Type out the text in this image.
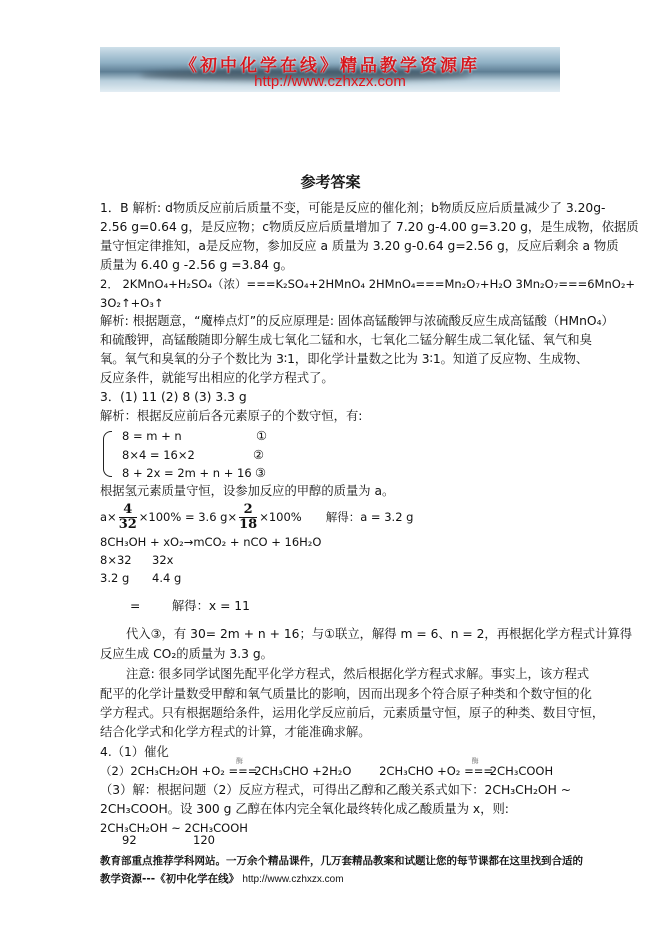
《初中化学在线》精品教学资源库
http://www.czhxzx.com
参考答案
1．B 解析: d物质反应前后质量不变，可能是反应的催化剂；b物质反应后质量减少了 3.20g-
2.56 g=0.64 g，是反应物；c物质反应后质量增加了 7.20 g-4.00 g=3.20 g，是生成物，依据质
量守恒定律推知，a是反应物，参加反应 a 质量为 3.20 g-0.64 g=2.56 g，反应后剩余 a 物质
质量为 6.40 g -2.56 g =3.84 g。
2． 2KMnO₄+H₂SO₄（浓）===K₂SO₄+2HMnO₄ 2HMnO₄===Mn₂O₇+H₂O 3Mn₂O₇===6MnO₂+
3O₂↑+O₃↑
解析: 根据题意，“魔棒点灯”的反应原理是: 固体高锰酸钾与浓硫酸反应生成高锰酸（HMnO₄）
和硫酸钾，高锰酸随即分解生成七氧化二锰和水，七氧化二锰分解生成二氧化锰、氧气和臭
氧。氧气和臭氧的分子个数比为 3∶1，即化学计量数之比为 3∶1。知道了反应物、生成物、
反应条件，就能写出相应的化学方程式了。
3．(1) 11 (2) 8 (3) 3.3 g
解析：根据反应前后各元素原子的个数守恒，有:
8 = m + n	①
8×4 = 16×2	②
8 + 2x = 2m + n + 16 ③
根据氢元素质量守恒，设参加反应的甲醇的质量为 a。
$a\times \frac{4}{32} \times 100\% = 3.6$ $g\times \frac{2}{18} \times 100\%$ 解得：a = 3.2 g
8CH₃OH + xO₂→mCO₂ + nCO + 16H₂O
8×32 32x
3.2 g 4.4 g
=	解得：x = 11
代入③，有 30= 2m + n + 16；与①联立，解得 m = 6、n = 2，再根据化学方程式计算得
反应生成 CO₂的质量为 3.3 g。
注意: 很多同学试图先配平化学方程式，然后根据化学方程式求解。事实上，该方程式
配平的化学计量数受甲醇和氧气质量比的影响，因而出现多个符合原子种类和个数守恒的化
学方程式。只有根据题给条件，运用化学反应前后，元素质量守恒，原子的种类、数目守恒，
结合化学式和化学方程式的计算，才能准确求解。
4.（1）催化
（2）2CH₃CH₂OH +O₂
酶
=== 2CH₃CHO +2H₂O 2CH₃CHO +O₂
酶
=== 2CH₃COOH
（3）解：根据问题（2）反应方程式，可得出乙醇和乙酸关系式如下：2CH₃CH₂OH ~
2CH₃COOH。设 300 g 乙醇在体内完全氧化最终转化成乙酸质量为 x，则:
2CH₃CH₂OH ~ 2CH₃COOH
92	120
教育部重点推荐学科网站。一万余个精品课件，几万套精品教案和试题让您的每节课都在这里找到合适的
教学资源---《初中化学在线》 http://www.czhxzx.com
